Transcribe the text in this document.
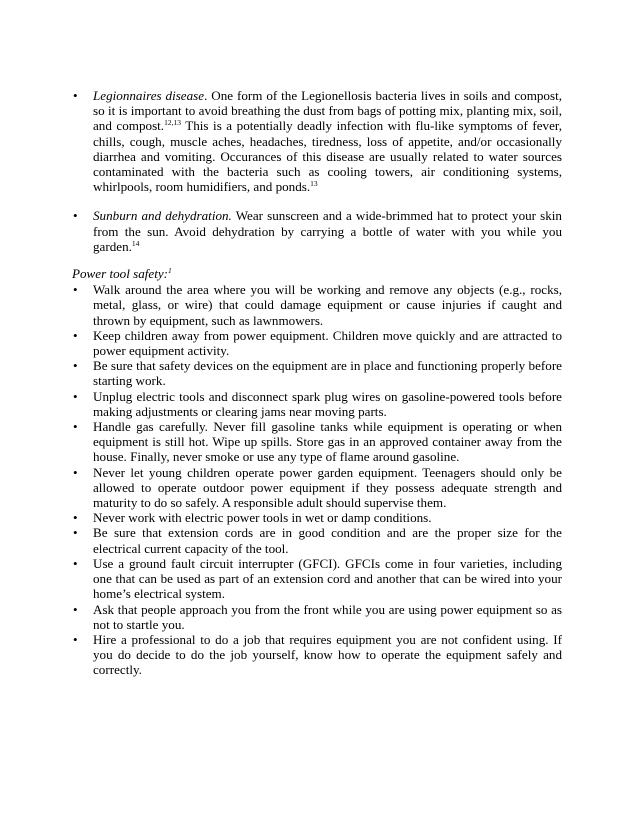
• Legionnaires disease. One form of the Legionellosis bacteria lives in soils and compost, so it is important to avoid breathing the dust from bags of potting mix, planting mix, soil, and compost.$^{12,13}$ This is a potentially deadly infection with flu-like symptoms of fever, chills, cough, muscle aches, headaches, tiredness, loss of appetite, and/or occasionally diarrhea and vomiting. Occurances of this disease are usually related to water sources contaminated with the bacteria such as cooling towers, air conditioning systems, whirlpools, room humidifiers, and ponds.$^{13}$
• Sunburn and dehydration. Wear sunscreen and a wide-brimmed hat to protect your skin from the sun. Avoid dehydration by carrying a bottle of water with you while you garden.$^{14}$

Power tool safety:$^1$

• Walk around the area where you will be working and remove any objects (e.g., rocks, metal, glass, or wire) that could damage equipment or cause injuries if caught and thrown by equipment, such as lawnmowers.
• Keep children away from power equipment. Children move quickly and are attracted to power equipment activity.
• Be sure that safety devices on the equipment are in place and functioning properly before starting work.
• Unplug electric tools and disconnect spark plug wires on gasoline-powered tools before making adjustments or clearing jams near moving parts.
• Handle gas carefully. Never fill gasoline tanks while equipment is operating or when equipment is still hot. Wipe up spills. Store gas in an approved container away from the house. Finally, never smoke or use any type of flame around gasoline.
• Never let young children operate power garden equipment. Teenagers should only be allowed to operate outdoor power equipment if they possess adequate strength and maturity to do so safely. A responsible adult should supervise them.
• Never work with electric power tools in wet or damp conditions.
• Be sure that extension cords are in good condition and are the proper size for the electrical current capacity of the tool.
• Use a ground fault circuit interrupter (GFCI). GFCIs come in four varieties, including one that can be used as part of an extension cord and another that can be wired into your home’s electrical system.
• Ask that people approach you from the front while you are using power equipment so as not to startle you.
• Hire a professional to do a job that requires equipment you are not confident using. If you do decide to do the job yourself, know how to operate the equipment safely and correctly.
